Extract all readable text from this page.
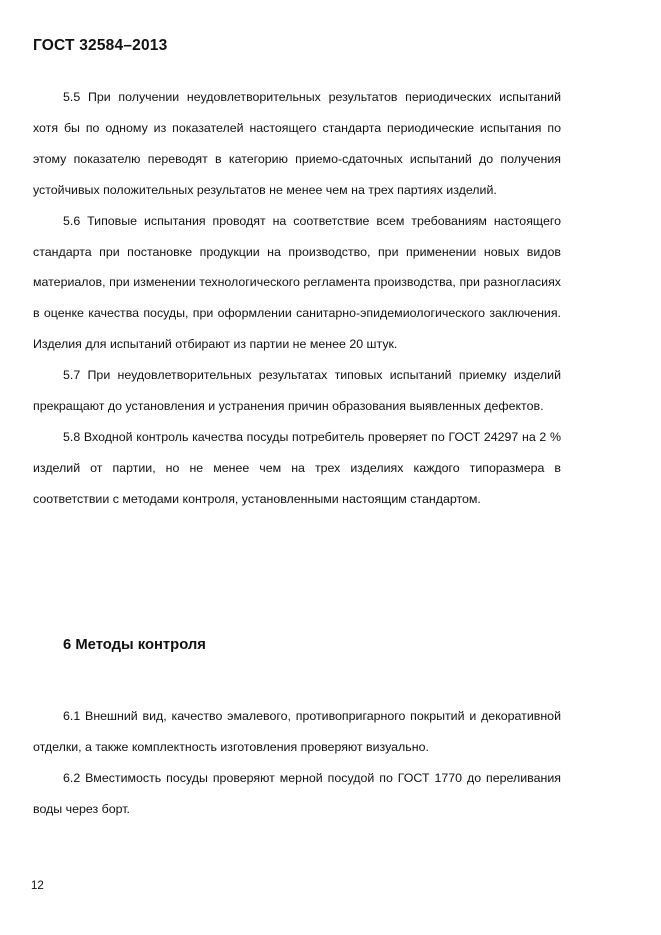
ГОСТ 32584–2013

5.5 При получении неудовлетворительных результатов периодических испытаний хотя бы по одному из показателей настоящего стандарта периодические испытания по этому показателю переводят в категорию приемо-сдаточных испытаний до получения устойчивых положительных результатов не менее чем на трех партиях изделий.

5.6 Типовые испытания проводят на соответствие всем требованиям настоящего стандарта при постановке продукции на производство, при применении новых видов материалов, при изменении технологического регламента производства, при разногласиях в оценке качества посуды, при оформлении санитарно-эпидемиологического заключения. Изделия для испытаний отбирают из партии не менее 20 штук.

5.7 При неудовлетворительных результатах типовых испытаний приемку изделий прекращают до установления и устранения причин образования выявленных дефектов.

5.8 Входной контроль качества посуды потребитель проверяет по ГОСТ 24297 на 2 % изделий от партии, но не менее чем на трех изделиях каждого типоразмера в соответствии с методами контроля, установленными настоящим стандартом.

6 Методы контроля

6.1 Внешний вид, качество эмалевого, противопригарного покрытий и декоративной отделки, а также комплектность изготовления проверяют визуально.

6.2 Вместимость посуды проверяют мерной посудой по ГОСТ 1770 до переливания воды через борт.

12
